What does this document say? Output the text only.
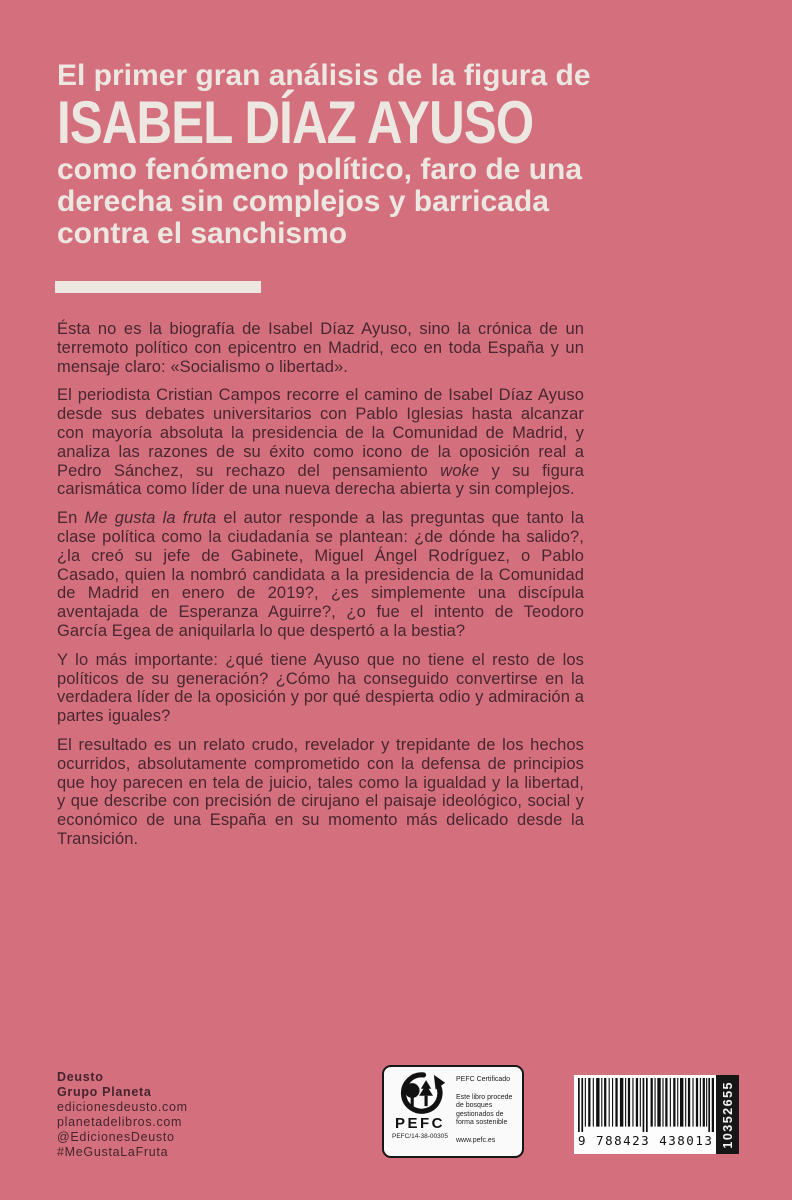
El primer gran análisis de la figura de
ISABEL DÍAZ AYUSO
como fenómeno político, faro de una
derecha sin complejos y barricada
contra el sanchismo

Ésta no es la biografía de Isabel Díaz Ayuso, sino la crónica de un terremoto político con epicentro en Madrid, eco en toda España y un mensaje claro: «Socialismo o libertad».

El periodista Cristian Campos recorre el camino de Isabel Díaz Ayuso desde sus debates universitarios con Pablo Iglesias hasta alcanzar con mayoría absoluta la presidencia de la Comunidad de Madrid, y analiza las razones de su éxito como icono de la oposición real a Pedro Sánchez, su rechazo del pensamiento woke y su figura carismática como líder de una nueva derecha abierta y sin complejos.

En Me gusta la fruta el autor responde a las preguntas que tanto la clase política como la ciudadanía se plantean: ¿de dónde ha salido?, ¿la creó su jefe de Gabinete, Miguel Ángel Rodríguez, o Pablo Casado, quien la nombró candidata a la presidencia de la Comunidad de Madrid en enero de 2019?, ¿es simplemente una discípula aventajada de Esperanza Aguirre?, ¿o fue el intento de Teodoro García Egea de aniquilarla lo que despertó a la bestia?

Y lo más importante: ¿qué tiene Ayuso que no tiene el resto de los políticos de su generación? ¿Cómo ha conseguido convertirse en la verdadera líder de la oposición y por qué despierta odio y admiración a partes iguales?

El resultado es un relato crudo, revelador y trepidante de los hechos ocurridos, absolutamente comprometido con la defensa de principios que hoy parecen en tela de juicio, tales como la igualdad y la libertad, y que describe con precisión de cirujano el paisaje ideológico, social y económico de una España en su momento más delicado desde la Transición.

Deusto
Grupo Planeta
edicionesdeusto.com
planetadelibros.com
@EdicionesDeusto
#MeGustaLaFruta
PEFC
PEFC/14-38-00305
PEFC Certificado
Este libro procede de bosques gestionados de forma sostenible
www.pefc.es	9 788423 438013 10352655
